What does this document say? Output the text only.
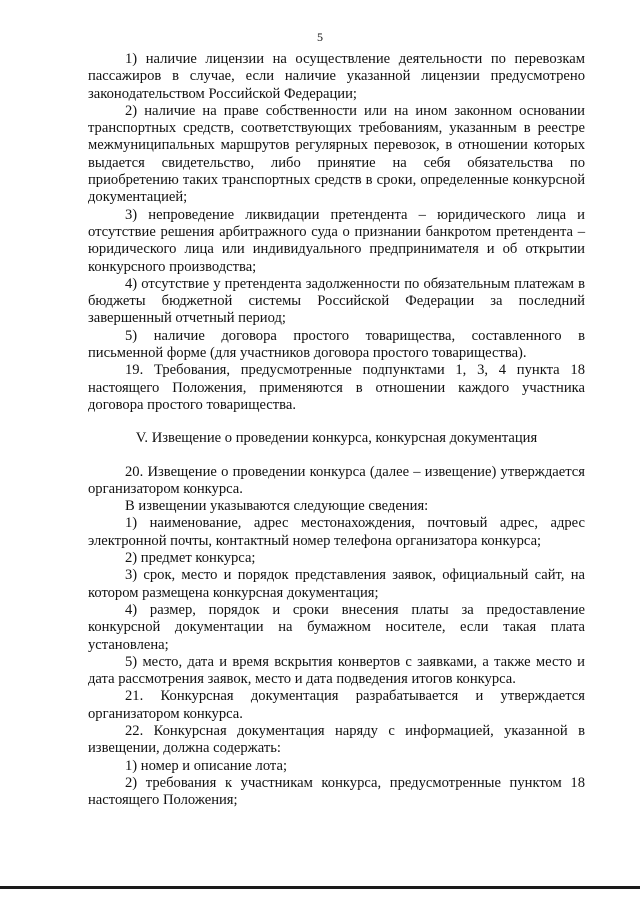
5

1) наличие лицензии на осуществление деятельности по перевозкам пассажиров в случае, если наличие указанной лицензии предусмотрено законодательством Российской Федерации;

2) наличие на праве собственности или на ином законном основании транспортных средств, соответствующих требованиям, указанным в реестре межмуниципальных маршрутов регулярных перевозок, в отношении которых выдается свидетельство, либо принятие на себя обязательства по приобретению таких транспортных средств в сроки, определенные конкурсной документацией;

3) непроведение ликвидации претендента – юридического лица и отсутствие решения арбитражного суда о признании банкротом претендента – юридического лица или индивидуального предпринимателя и об открытии конкурсного производства;

4) отсутствие у претендента задолженности по обязательным платежам в бюджеты бюджетной системы Российской Федерации за последний завершенный отчетный период;

5) наличие договора простого товарищества, составленного в письменной форме (для участников договора простого товарищества).

19. Требования, предусмотренные подпунктами 1, 3, 4 пункта 18 настоящего Положения, применяются в отношении каждого участника договора простого товарищества.

V. Извещение о проведении конкурса, конкурсная документация

20. Извещение о проведении конкурса (далее – извещение) утверждается организатором конкурса.

В извещении указываются следующие сведения:

1) наименование, адрес местонахождения, почтовый адрес, адрес электронной почты, контактный номер телефона организатора конкурса;

2) предмет конкурса;

3) срок, место и порядок представления заявок, официальный сайт, на котором размещена конкурсная документация;

4) размер, порядок и сроки внесения платы за предоставление конкурсной документации на бумажном носителе, если такая плата установлена;

5) место, дата и время вскрытия конвертов с заявками, а также место и дата рассмотрения заявок, место и дата подведения итогов конкурса.

21. Конкурсная документация разрабатывается и утверждается организатором конкурса.

22. Конкурсная документация наряду с информацией, указанной в извещении, должна содержать:

1) номер и описание лота;

2) требования к участникам конкурса, предусмотренные пунктом 18 настоящего Положения;
